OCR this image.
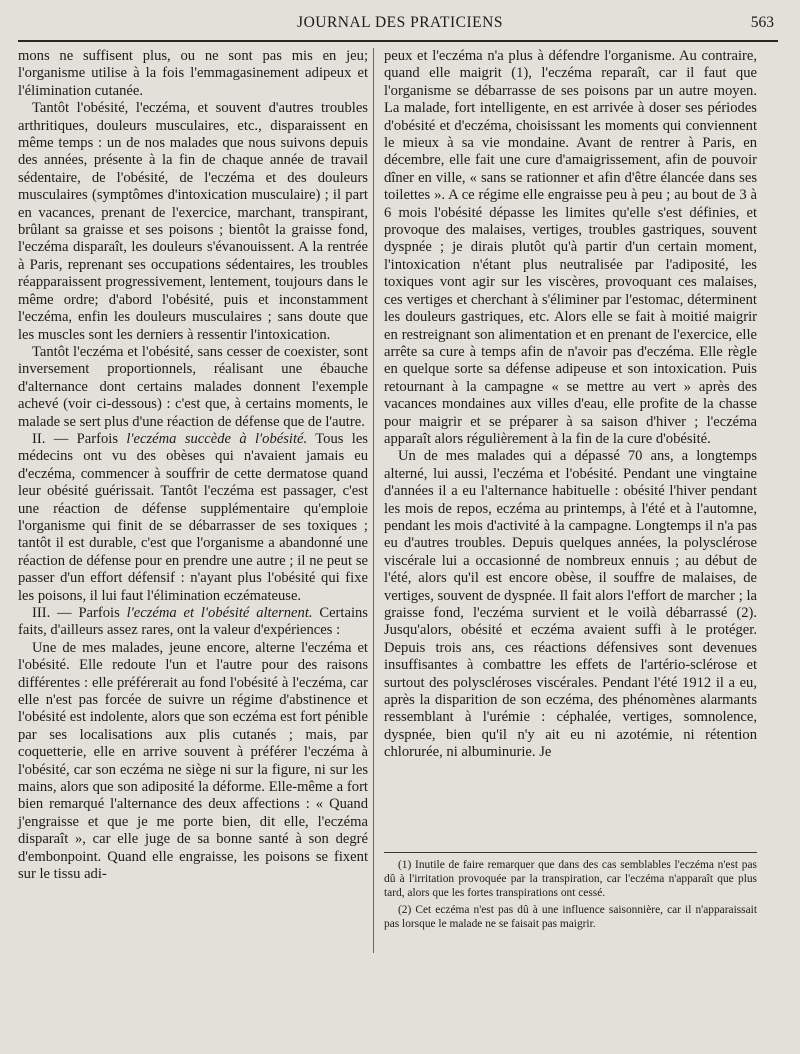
JOURNAL DES PRATICIENS	563

mons ne suffisent plus, ou ne sont pas mis en jeu; l'organisme utilise à la fois l'emmagasinement adipeux et l'élimination cutanée.

Tantôt l'obésité, l'eczéma, et souvent d'autres troubles arthritiques, douleurs musculaires, etc., disparaissent en même temps : un de nos malades que nous suivons depuis des années, présente à la fin de chaque année de travail sédentaire, de l'obésité, de l'eczéma et des douleurs musculaires (symptômes d'intoxication musculaire) ; il part en vacances, prenant de l'exercice, marchant, transpirant, brûlant sa graisse et ses poisons ; bientôt la graisse fond, l'eczéma disparaît, les douleurs s'évanouissent. A la rentrée à Paris, reprenant ses occupations sédentaires, les troubles réapparaissent progressivement, lentement, toujours dans le même ordre; d'abord l'obésité, puis et inconstamment l'eczéma, enfin les douleurs musculaires ; sans doute que les muscles sont les derniers à ressentir l'intoxication.

Tantôt l'eczéma et l'obésité, sans cesser de coexister, sont inversement proportionnels, réalisant une ébauche d'alternance dont certains malades donnent l'exemple achevé (voir ci-dessous) : c'est que, à certains moments, le malade se sert plus d'une réaction de défense que de l'autre.

II. — Parfois l'eczéma succède à l'obésité. Tous les médecins ont vu des obèses qui n'avaient jamais eu d'eczéma, commencer à souffrir de cette dermatose quand leur obésité guérissait. Tantôt l'eczéma est passager, c'est une réaction de défense supplémentaire qu'emploie l'organisme qui finit de se débarrasser de ses toxiques ; tantôt il est durable, c'est que l'organisme a abandonné une réaction de défense pour en prendre une autre ; il ne peut se passer d'un effort défensif : n'ayant plus l'obésité qui fixe les poisons, il lui faut l'élimination eczémateuse.

III. — Parfois l'eczéma et l'obésité alternent. Certains faits, d'ailleurs assez rares, ont la valeur d'expériences :

Une de mes malades, jeune encore, alterne l'eczéma et l'obésité. Elle redoute l'un et l'autre pour des raisons différentes : elle préférerait au fond l'obésité à l'eczéma, car elle n'est pas forcée de suivre un régime d'abstinence et l'obésité est indolente, alors que son eczéma est fort pénible par ses localisations aux plis cutanés ; mais, par coquetterie, elle en arrive souvent à préférer l'eczéma à l'obésité, car son eczéma ne siège ni sur la figure, ni sur les mains, alors que son adiposité la déforme. Elle-même a fort bien remarqué l'alternance des deux affections : « Quand j'engraisse et que je me porte bien, dit elle, l'eczéma disparaît », car elle juge de sa bonne santé à son degré d'embonpoint. Quand elle engraisse, les poisons se fixent sur le tissu adi-

peux et l'eczéma n'a plus à défendre l'organisme. Au contraire, quand elle maigrit (1), l'eczéma reparaît, car il faut que l'organisme se débarrasse de ses poisons par un autre moyen. La malade, fort intelligente, en est arrivée à doser ses périodes d'obésité et d'eczéma, choisissant les moments qui conviennent le mieux à sa vie mondaine. Avant de rentrer à Paris, en décembre, elle fait une cure d'amaigrissement, afin de pouvoir dîner en ville, « sans se rationner et afin d'être élancée dans ses toilettes ». A ce régime elle engraisse peu à peu ; au bout de 3 à 6 mois l'obésité dépasse les limites qu'elle s'est définies, et provoque des malaises, vertiges, troubles gastriques, souvent dyspnée ; je dirais plutôt qu'à partir d'un certain moment, l'intoxication n'étant plus neutralisée par l'adiposité, les toxiques vont agir sur les viscères, provoquant ces malaises, ces vertiges et cherchant à s'éliminer par l'estomac, déterminent les douleurs gastriques, etc. Alors elle se fait à moitié maigrir en restreignant son alimentation et en prenant de l'exercice, elle arrête sa cure à temps afin de n'avoir pas d'eczéma. Elle règle en quelque sorte sa défense adipeuse et son intoxication. Puis retournant à la campagne « se mettre au vert » après des vacances mondaines aux villes d'eau, elle profite de la chasse pour maigrir et se préparer à sa saison d'hiver ; l'eczéma apparaît alors régulièrement à la fin de la cure d'obésité.

Un de mes malades qui a dépassé 70 ans, a longtemps alterné, lui aussi, l'eczéma et l'obésité. Pendant une vingtaine d'années il a eu l'alternance habituelle : obésité l'hiver pendant les mois de repos, eczéma au printemps, à l'été et à l'automne, pendant les mois d'activité à la campagne. Longtemps il n'a pas eu d'autres troubles. Depuis quelques années, la polysclérose viscérale lui a occasionné de nombreux ennuis ; au début de l'été, alors qu'il est encore obèse, il souffre de malaises, de vertiges, souvent de dyspnée. Il fait alors l'effort de marcher ; la graisse fond, l'eczéma survient et le voilà débarrassé (2). Jusqu'alors, obésité et eczéma avaient suffi à le protéger. Depuis trois ans, ces réactions défensives sont devenues insuffisantes à combattre les effets de l'artério-sclérose et surtout des polyscléroses viscérales. Pendant l'été 1912 il a eu, après la disparition de son eczéma, des phénomènes alarmants ressemblant à l'urémie : céphalée, vertiges, somnolence, dyspnée, bien qu'il n'y ait eu ni azotémie, ni rétention chlorurée, ni albuminurie. Je

(1) Inutile de faire remarquer que dans des cas semblables l'eczéma n'est pas dû à l'irritation provoquée par la transpiration, car l'eczéma n'apparaît que plus tard, alors que les fortes transpirations ont cessé.

(2) Cet eczéma n'est pas dû à une influence saisonnière, car il n'apparaissait pas lorsque le malade ne se faisait pas maigrir.
